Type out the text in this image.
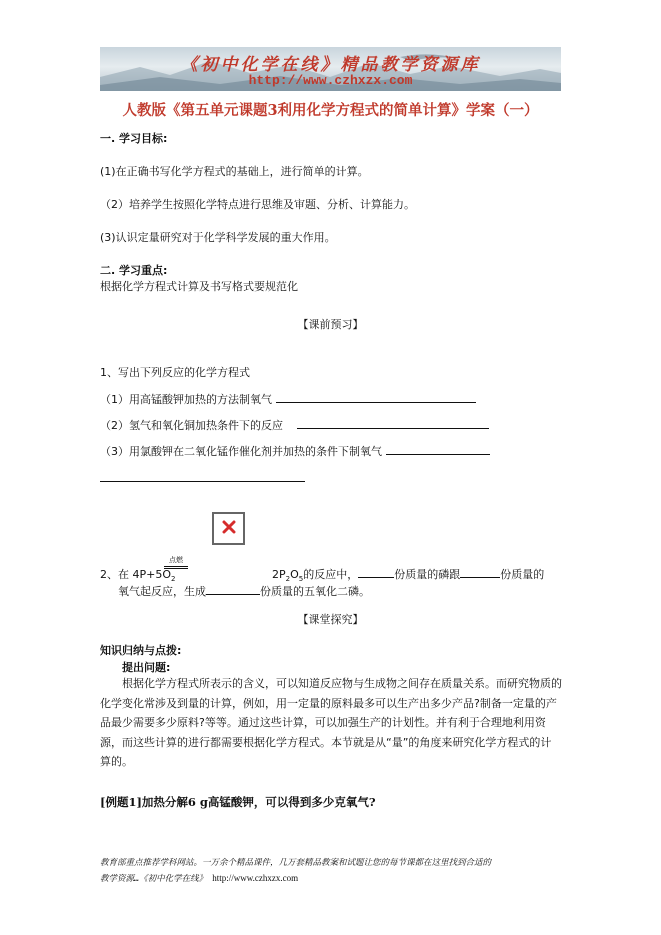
《初中化学在线》精品教学资源库
http://www.czhxzx.com
人教版《第五单元课题3利用化学方程式的简单计算》学案（一）
一. 学习目标:
(1)在正确书写化学方程式的基础上，进行简单的计算。
（2）培养学生按照化学特点进行思维及审题、分析、计算能力。
(3)认识定量研究对于化学科学发展的重大作用。
二. 学习重点:
根据化学方程式计算及书写格式要规范化
【课前预习】
1、写出下列反应的化学方程式
（1）用高锰酸钾加热的方法制氧气
（2）氢气和氧化铜加热条件下的反应
（3）用氯酸钾在二氧化锰作催化剂并加热的条件下制氧气
2、在 $4P+5O_2$
点燃
$2P_2O_5$的反应中，	份质量的磷跟	份质量的
氧气起反应，生成	份质量的五氧化二磷。
【课堂探究】
知识归纳与点拨:
提出问题:
根据化学方程式所表示的含义，可以知道反应物与生成物之间存在质量关系。而研究物质的化学变化常涉及到量的计算，例如，用一定量的原料最多可以生产出多少产品?制备一定量的产品最少需要多少原料?等等。通过这些计算，可以加强生产的计划性。并有利于合理地利用资源，而这些计算的进行都需要根据化学方程式。本节就是从“量”的角度来研究化学方程式的计算的。
[例题1]加热分解6 g高锰酸钾，可以得到多少克氧气?
教育部重点推荐学科网站。一万余个精品课件，几万套精品教案和试题让您的每节课都在这里找到合适的
教学资源…《初中化学在线》 http://www.czhxzx.com
